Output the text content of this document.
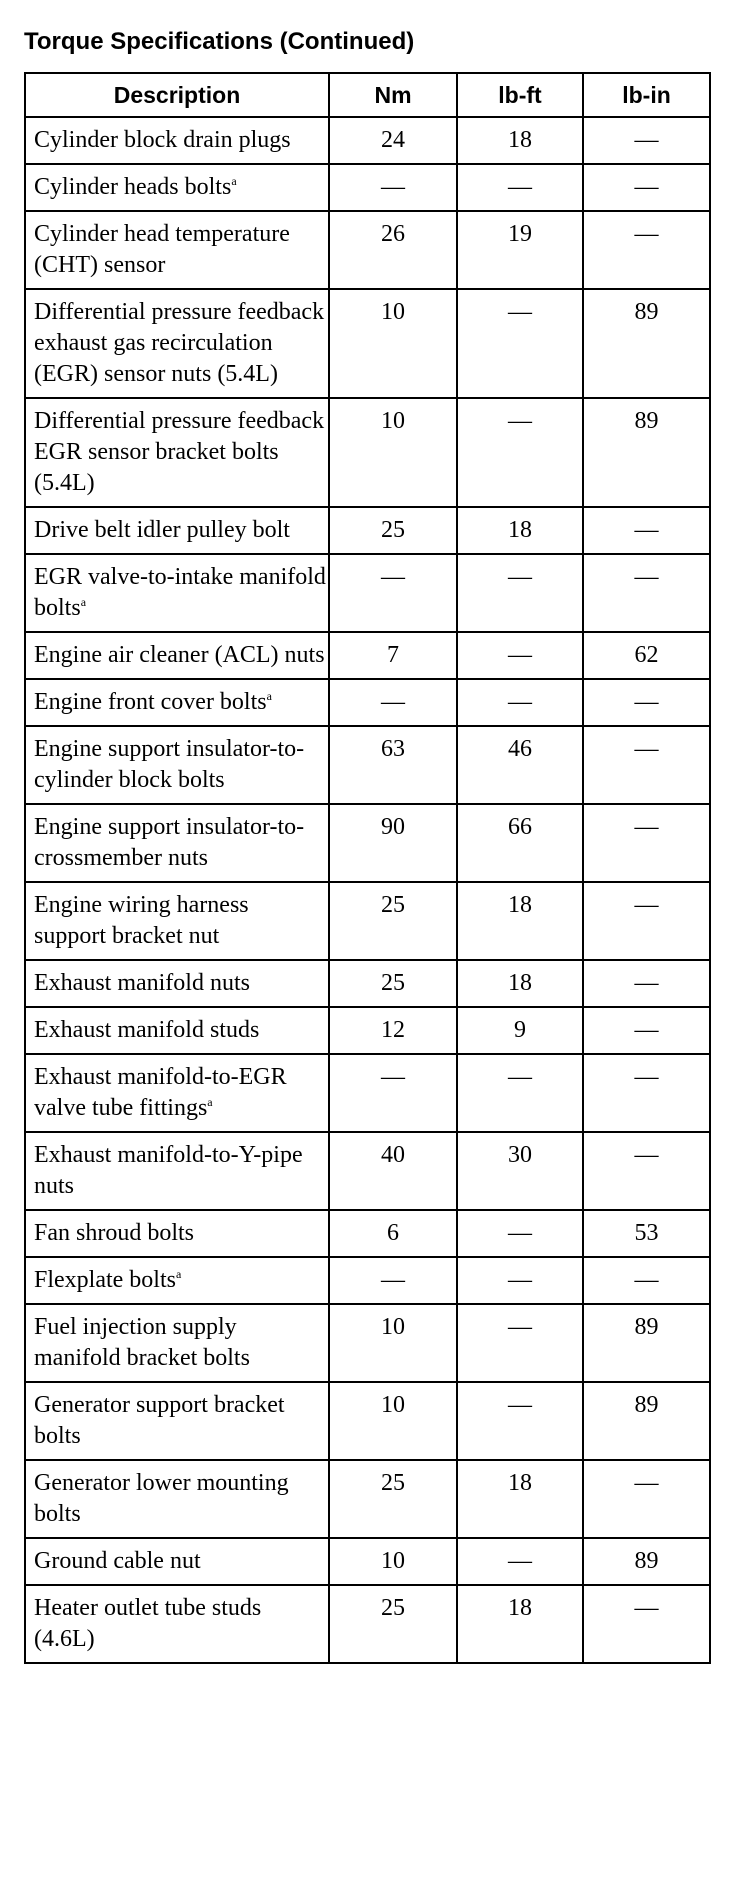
Torque Specifications (Continued)
Description	Nm	lb-ft	lb-in
Cylinder block drain plugs	24	18	—
Cylinder heads bolts$^a$	—	—	—
Cylinder head temperature (CHT) sensor	26	19	—
Differential pressure feedback exhaust gas recirculation (EGR) sensor nuts (5.4L)	10	—	89
Differential pressure feedback EGR sensor bracket bolts (5.4L)	10	—	89
Drive belt idler pulley bolt	25	18	—
EGR valve-to-intake manifold bolts$^a$	—	—	—
Engine air cleaner (ACL) nuts	7	—	62
Engine front cover bolts$^a$	—	—	—
Engine support insulator-to-cylinder block bolts	63	46	—
Engine support insulator-to-crossmember nuts	90	66	—
Engine wiring harness support bracket nut	25	18	—
Exhaust manifold nuts	25	18	—
Exhaust manifold studs	12	9	—
Exhaust manifold-to-EGR valve tube fittings$^a$	—	—	—
Exhaust manifold-to-Y-pipe nuts	40	30	—
Fan shroud bolts	6	—	53
Flexplate bolts$^a$	—	—	—
Fuel injection supply manifold bracket bolts	10	—	89
Generator support bracket bolts	10	—	89
Generator lower mounting bolts	25	18	—
Ground cable nut	10	—	89
Heater outlet tube studs (4.6L)	25	18	—
